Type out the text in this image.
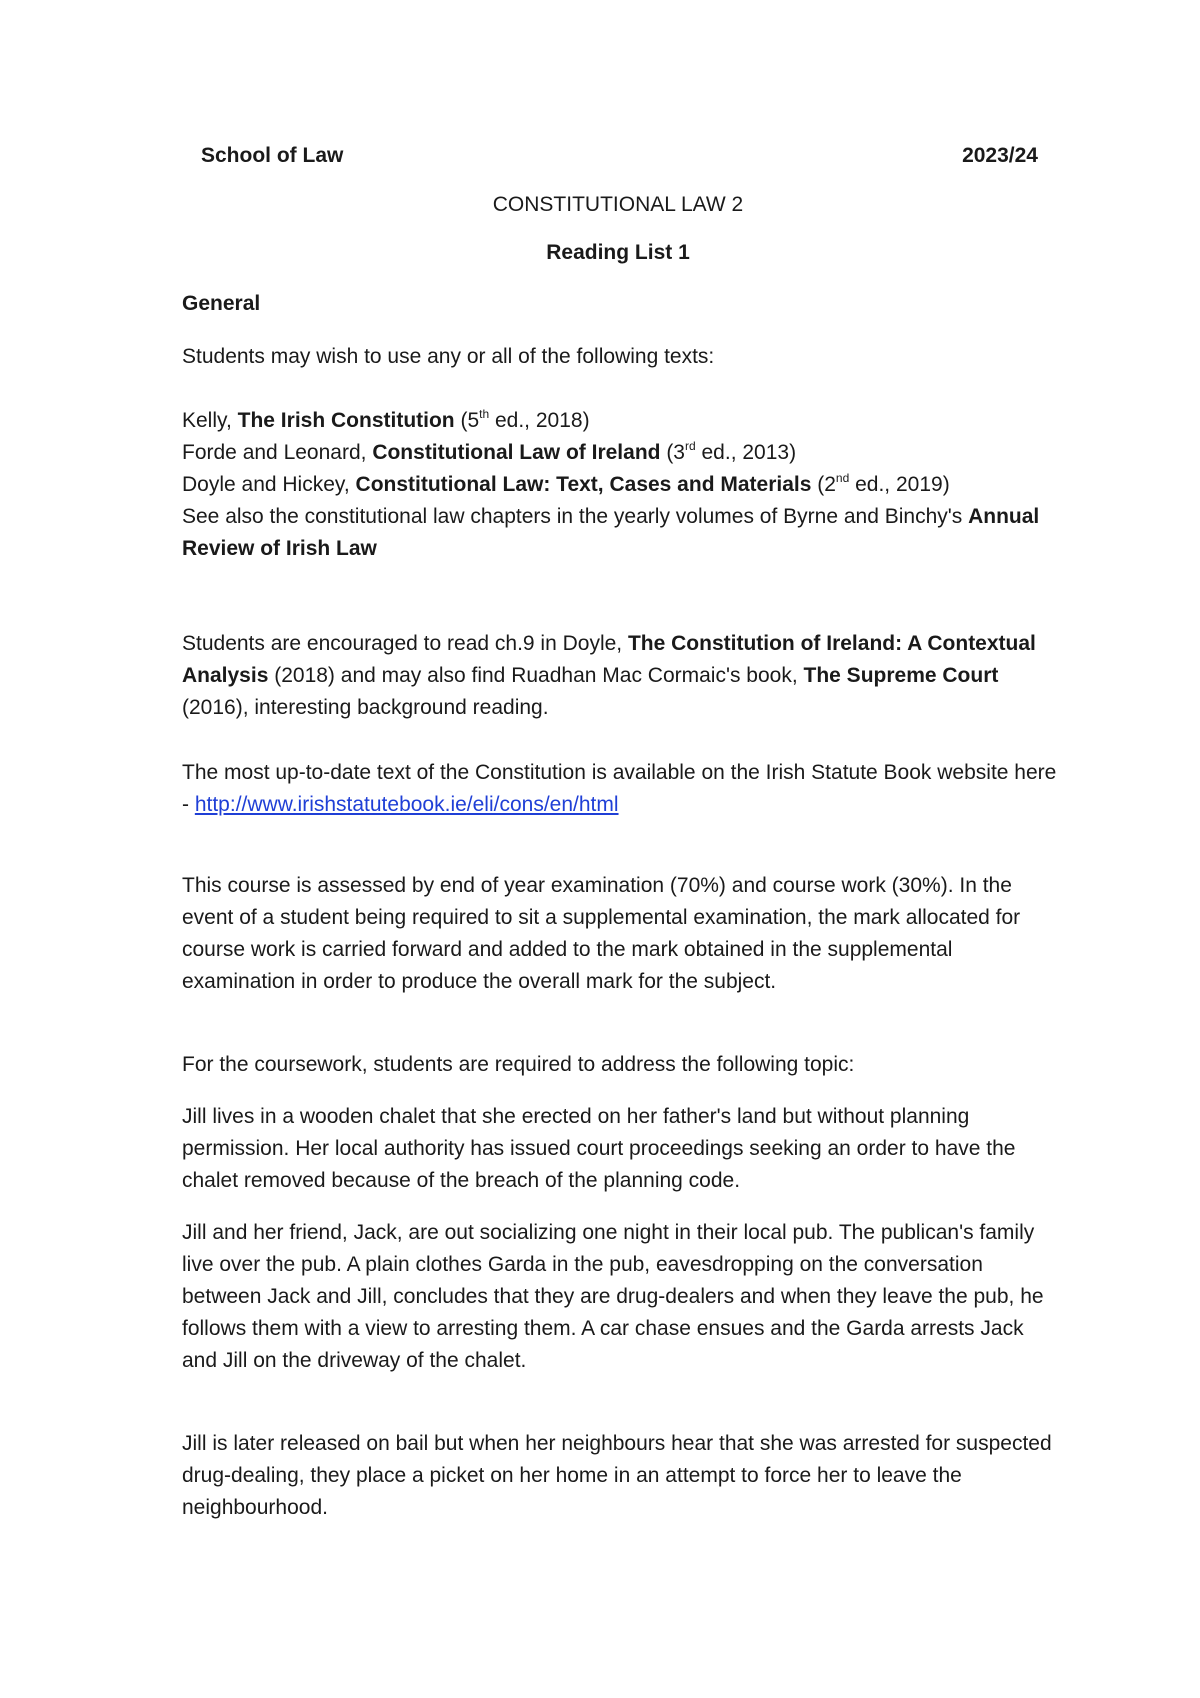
School of Law	2023/24
CONSTITUTIONAL LAW 2
Reading List 1
General
Students may wish to use any or all of the following texts:
Kelly, The Irish Constitution (5th ed., 2018)
Forde and Leonard, Constitutional Law of Ireland (3rd ed., 2013)
Doyle and Hickey, Constitutional Law: Text, Cases and Materials (2nd ed., 2019)
See also the constitutional law chapters in the yearly volumes of Byrne and Binchy's Annual Review of Irish Law
Students are encouraged to read ch.9 in Doyle, The Constitution of Ireland: A Contextual Analysis (2018) and may also find Ruadhan Mac Cormaic's book, The Supreme Court (2016), interesting background reading.
The most up-to-date text of the Constitution is available on the Irish Statute Book website here - http://www.irishstatutebook.ie/eli/cons/en/html
This course is assessed by end of year examination (70%) and course work (30%). In the event of a student being required to sit a supplemental examination, the mark allocated for course work is carried forward and added to the mark obtained in the supplemental examination in order to produce the overall mark for the subject.
For the coursework, students are required to address the following topic:
Jill lives in a wooden chalet that she erected on her father's land but without planning permission. Her local authority has issued court proceedings seeking an order to have the chalet removed because of the breach of the planning code.
Jill and her friend, Jack, are out socializing one night in their local pub. The publican's family live over the pub. A plain clothes Garda in the pub, eavesdropping on the conversation between Jack and Jill, concludes that they are drug-dealers and when they leave the pub, he follows them with a view to arresting them. A car chase ensues and the Garda arrests Jack and Jill on the driveway of the chalet.
Jill is later released on bail but when her neighbours hear that she was arrested for suspected drug-dealing, they place a picket on her home in an attempt to force her to leave the neighbourhood.
